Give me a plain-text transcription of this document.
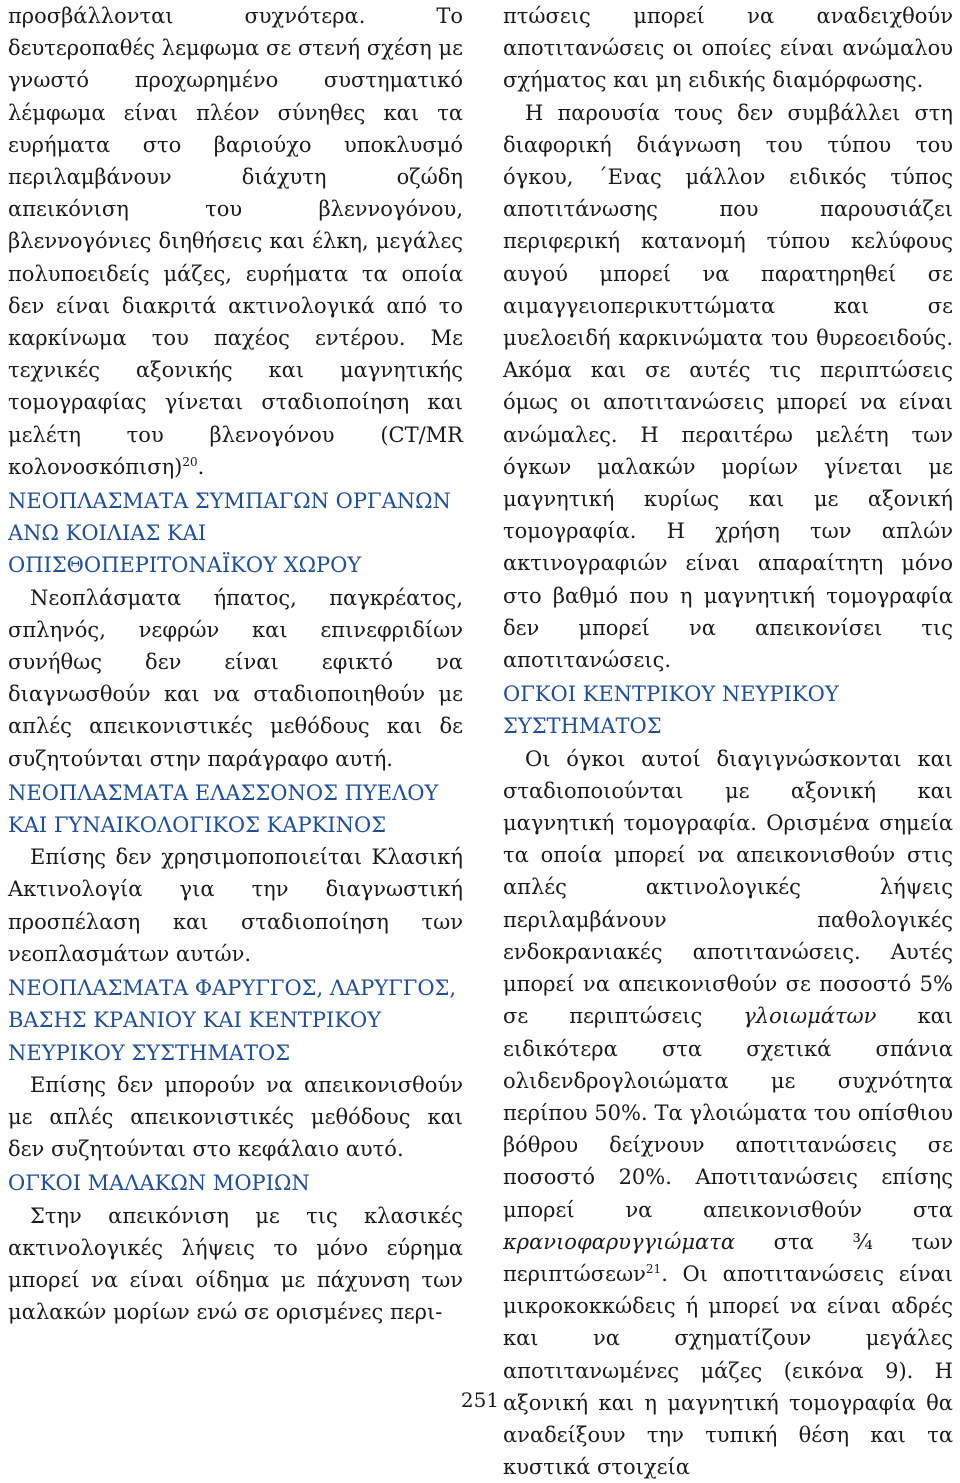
προσβάλλονται συχνότερα. Το δευτεροπαθές λεμφωμα σε στενή σχέση με γνωστό προχωρημένο συστηματικό λέμφωμα είναι πλέον σύνηθες και τα ευρήματα στο βαριούχο υποκλυσμό περιλαμβάνουν διάχυτη οζώδη απεικόνιση του βλεννογόνου, βλεννογόνιες διηθήσεις και έλκη, μεγάλες πολυποειδείς μάζες, ευρήματα τα οποία δεν είναι διακριτά ακτινολογικά από το καρκίνωμα του παχέος εντέρου. Με τεχνικές αξονικής και μαγνητικής τομογραφίας γίνεται σταδιοποίηση και μελέτη του βλενογόνου (CT/MR κολονοσκόπιση)$^{20}$.

ΝΕΟΠΛΑΣΜΑΤΑ ΣΥΜΠΑΓΩΝ ΟΡΓΑΝΩΝ ΑΝΩ ΚΟΙΛΙΑΣ ΚΑΙ ΟΠΙΣΘΟΠΕΡΙΤΟΝΑΪΚΟΥ ΧΩΡΟΥ

Νεοπλάσματα ήπατος, παγκρέατος, σπληνός, νεφρών και επινεφριδίων συνήθως δεν είναι εφικτό να διαγνωσθούν και να σταδιοποιηθούν με απλές απεικονιστικές μεθόδους και δε συζητούνται στην παράγραφο αυτή.

ΝΕΟΠΛΑΣΜΑΤΑ ΕΛΑΣΣΟΝΟΣ ΠΥΕΛΟΥ ΚΑΙ ΓΥΝΑΙΚΟΛΟΓΙΚΟΣ ΚΑΡΚΙΝΟΣ

Επίσης δεν χρησιμοποποιείται Κλασική Ακτινολογία για την διαγνωστική προσπέλαση και σταδιοποίηση των νεοπλασμάτων αυτών.

ΝΕΟΠΛΑΣΜΑΤΑ ΦΑΡΥΓΓΟΣ, ΛΑΡΥΓΓΟΣ, ΒΑΣΗΣ ΚΡΑΝΙΟΥ ΚΑΙ ΚΕΝΤΡΙΚΟΥ ΝΕΥΡΙΚΟΥ ΣΥΣΤΗΜΑΤΟΣ

Επίσης δεν μπορούν να απεικονισθούν με απλές απεικονιστικές μεθόδους και δεν συζητούνται στο κεφάλαιο αυτό.

ΟΓΚΟΙ ΜΑΛΑΚΩΝ ΜΟΡΙΩΝ

Στην απεικόνιση με τις κλασικές ακτινολογικές λήψεις το μόνο εύρημα μπορεί να είναι οίδημα με πάχυνση των μαλακών μορίων ενώ σε ορισμένες περι-

πτώσεις μπορεί να αναδειχθούν αποτιτανώσεις οι οποίες είναι ανώμαλου σχήματος και μη ειδικής διαμόρφωσης.

Η παρουσία τους δεν συμβάλλει στη διαφορική διάγνωση του τύπου του όγκου, ΄Ενας μάλλον ειδικός τύπος αποτιτάνωσης που παρουσιάζει περιφερική κατανομή τύπου κελύφους αυγού μπορεί να παρατηρηθεί σε αιμαγγειοπερικυττώματα και σε μυελοειδή καρκινώματα του θυρεοειδούς. Ακόμα και σε αυτές τις περιπτώσεις όμως οι αποτιτανώσεις μπορεί να είναι ανώμαλες. Η περαιτέρω μελέτη των όγκων μαλακών μορίων γίνεται με μαγνητική κυρίως και με αξονική τομογραφία. Η χρήση των απλών ακτινογραφιών είναι απαραίτητη μόνο στο βαθμό που η μαγνητική τομογραφία δεν μπορεί να απεικονίσει τις αποτιτανώσεις.

ΟΓΚΟΙ ΚΕΝΤΡΙΚΟΥ ΝΕΥΡΙΚΟΥ ΣΥΣΤΗΜΑΤΟΣ

Οι όγκοι αυτοί διαγιγνώσκονται και σταδιοποιούνται με αξονική και μαγνητική τομογραφία. Ορισμένα σημεία τα οποία μπορεί να απεικονισθούν στις απλές ακτινολογικές λήψεις περιλαμβάνουν παθολογικές ενδοκρανιακές αποτιτανώσεις. Αυτές μπορεί να απεικονισθούν σε ποσοστό 5% σε περιπτώσεις γλοιωμάτων και ειδικότερα στα σχετικά σπάνια ολιδενδρογλοιώματα με συχνότητα περίπου 50%. Τα γλοιώματα του οπίσθιου βόθρου δείχνουν αποτιτανώσεις σε ποσοστό 20%. Αποτιτανώσεις επίσης μπορεί να απεικονισθούν στα κρανιοφαρυγγιώματα στα ¾ των περιπτώσεων$^{21}$. Οι αποτιτανώσεις είναι μικροκοκκώδεις ή μπορεί να είναι αδρές και να σχηματίζουν μεγάλες αποτιτανωμένες μάζες (εικόνα 9). Η αξονική και η μαγνητική τομογραφία θα αναδείξουν την τυπική θέση και τα κυστικά στοιχεία

251
